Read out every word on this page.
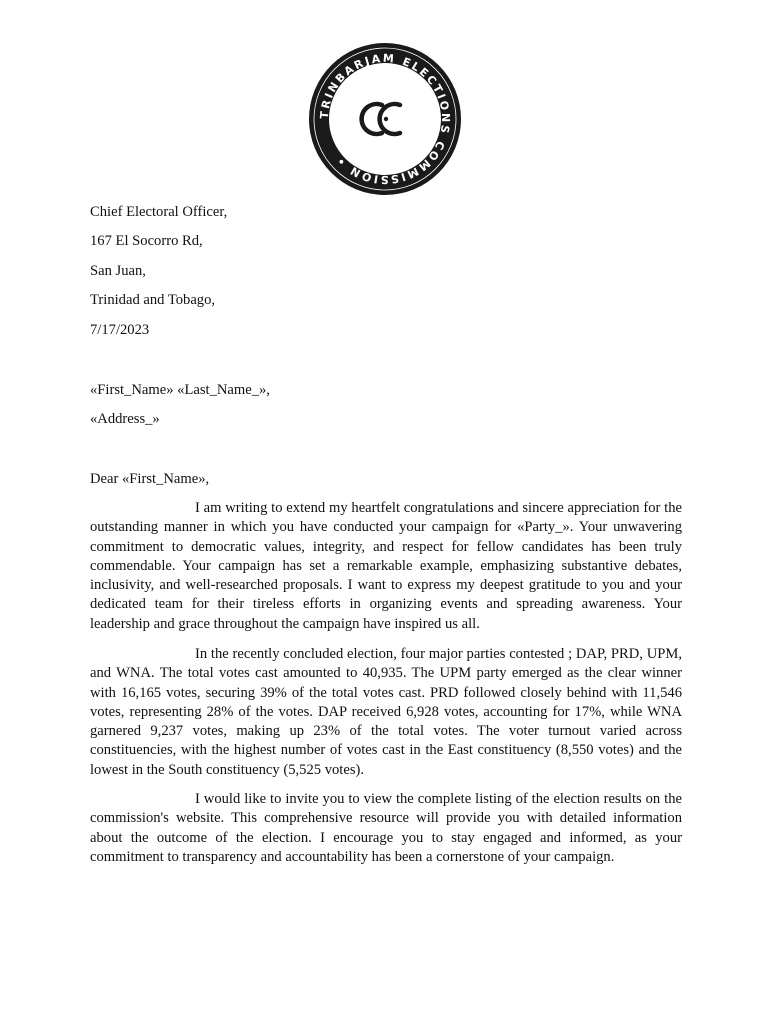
TRINBARJAM ELECTIONS COMMISSION •
Chief Electoral Officer,
167 El Socorro Rd,
San Juan,
Trinidad and Tobago,
7/17/2023
«First_Name» «Last_Name_»,
«Address_»
Dear «First_Name»,

I am writing to extend my heartfelt congratulations and sincere appreciation for the outstanding manner in which you have conducted your campaign for «Party_». Your unwavering commitment to democratic values, integrity, and respect for fellow candidates has been truly commendable. Your campaign has set a remarkable example, emphasizing substantive debates, inclusivity, and well-researched proposals. I want to express my deepest gratitude to you and your dedicated team for their tireless efforts in organizing events and spreading awareness. Your leadership and grace throughout the campaign have inspired us all.

In the recently concluded election, four major parties contested ; DAP, PRD, UPM, and WNA. The total votes cast amounted to 40,935. The UPM party emerged as the clear winner with 16,165 votes, securing 39% of the total votes cast. PRD followed closely behind with 11,546 votes, representing 28% of the votes. DAP received 6,928 votes, accounting for 17%, while WNA garnered 9,237 votes, making up 23% of the total votes. The voter turnout varied across constituencies, with the highest number of votes cast in the East constituency (8,550 votes) and the lowest in the South constituency (5,525 votes).

I would like to invite you to view the complete listing of the election results on the commission's website. This comprehensive resource will provide you with detailed information about the outcome of the election. I encourage you to stay engaged and informed, as your commitment to transparency and accountability has been a cornerstone of your campaign.
